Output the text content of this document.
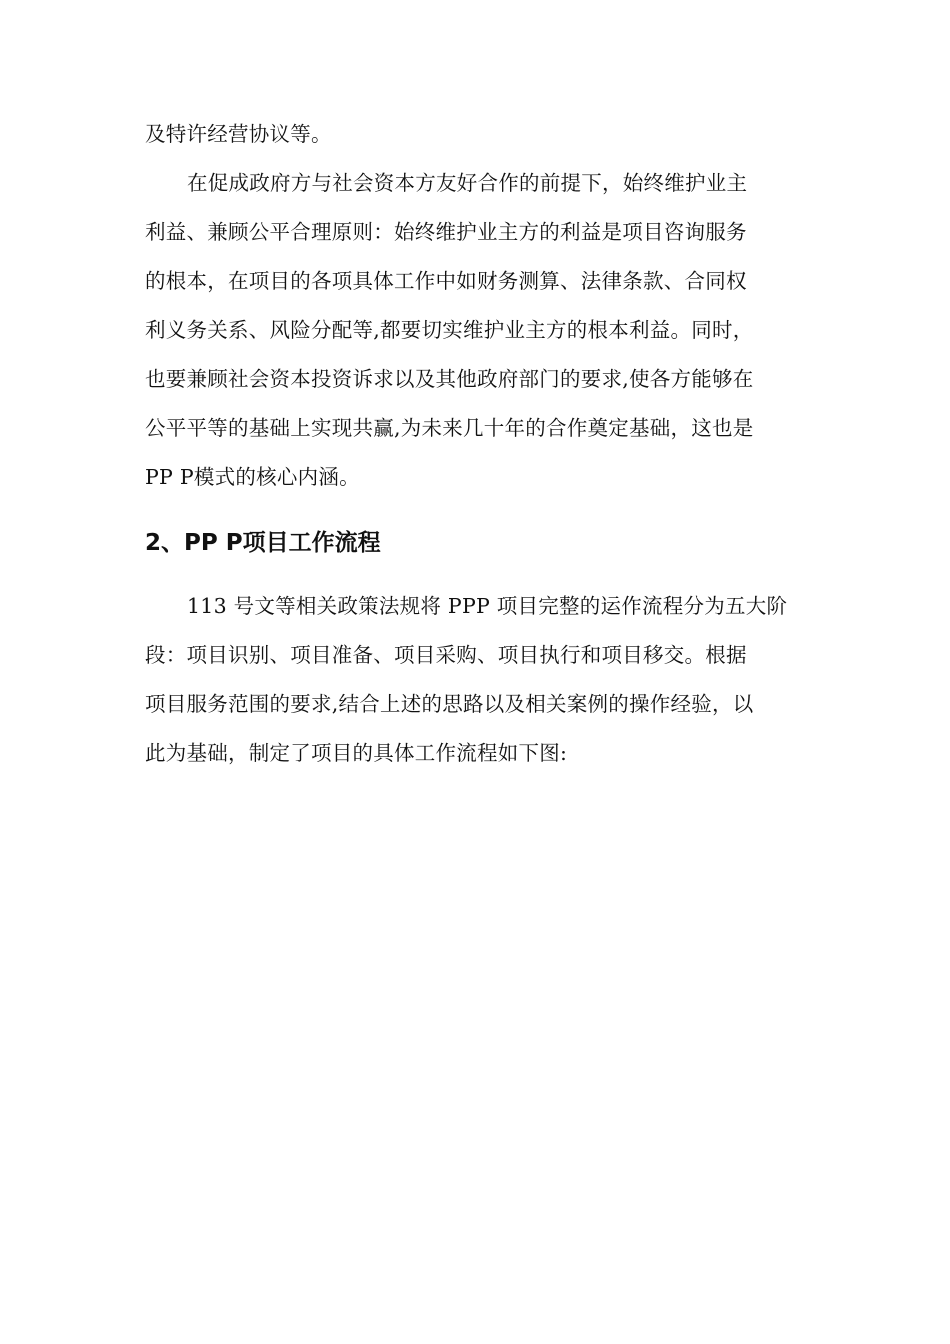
及特许经营协议等。
在促成政府方与社会资本方友好合作的前提下，始终维护业主
利益、兼顾公平合理原则：始终维护业主方的利益是项目咨询服务
的根本，在项目的各项具体工作中如财务测算、法律条款、合同权
利义务关系、风险分配等,都要切实维护业主方的根本利益。同时，
也要兼顾社会资本投资诉求以及其他政府部门的要求,使各方能够在
公平平等的基础上实现共赢,为未来几十年的合作奠定基础，这也是
PP P模式的核心内涵。
2、PP P项目工作流程
113 号文等相关政策法规将 PPP 项目完整的运作流程分为五大阶
段：项目识别、项目准备、项目采购、项目执行和项目移交。根据
项目服务范围的要求,结合上述的思路以及相关案例的操作经验，以
此为基础，制定了项目的具体工作流程如下图:
